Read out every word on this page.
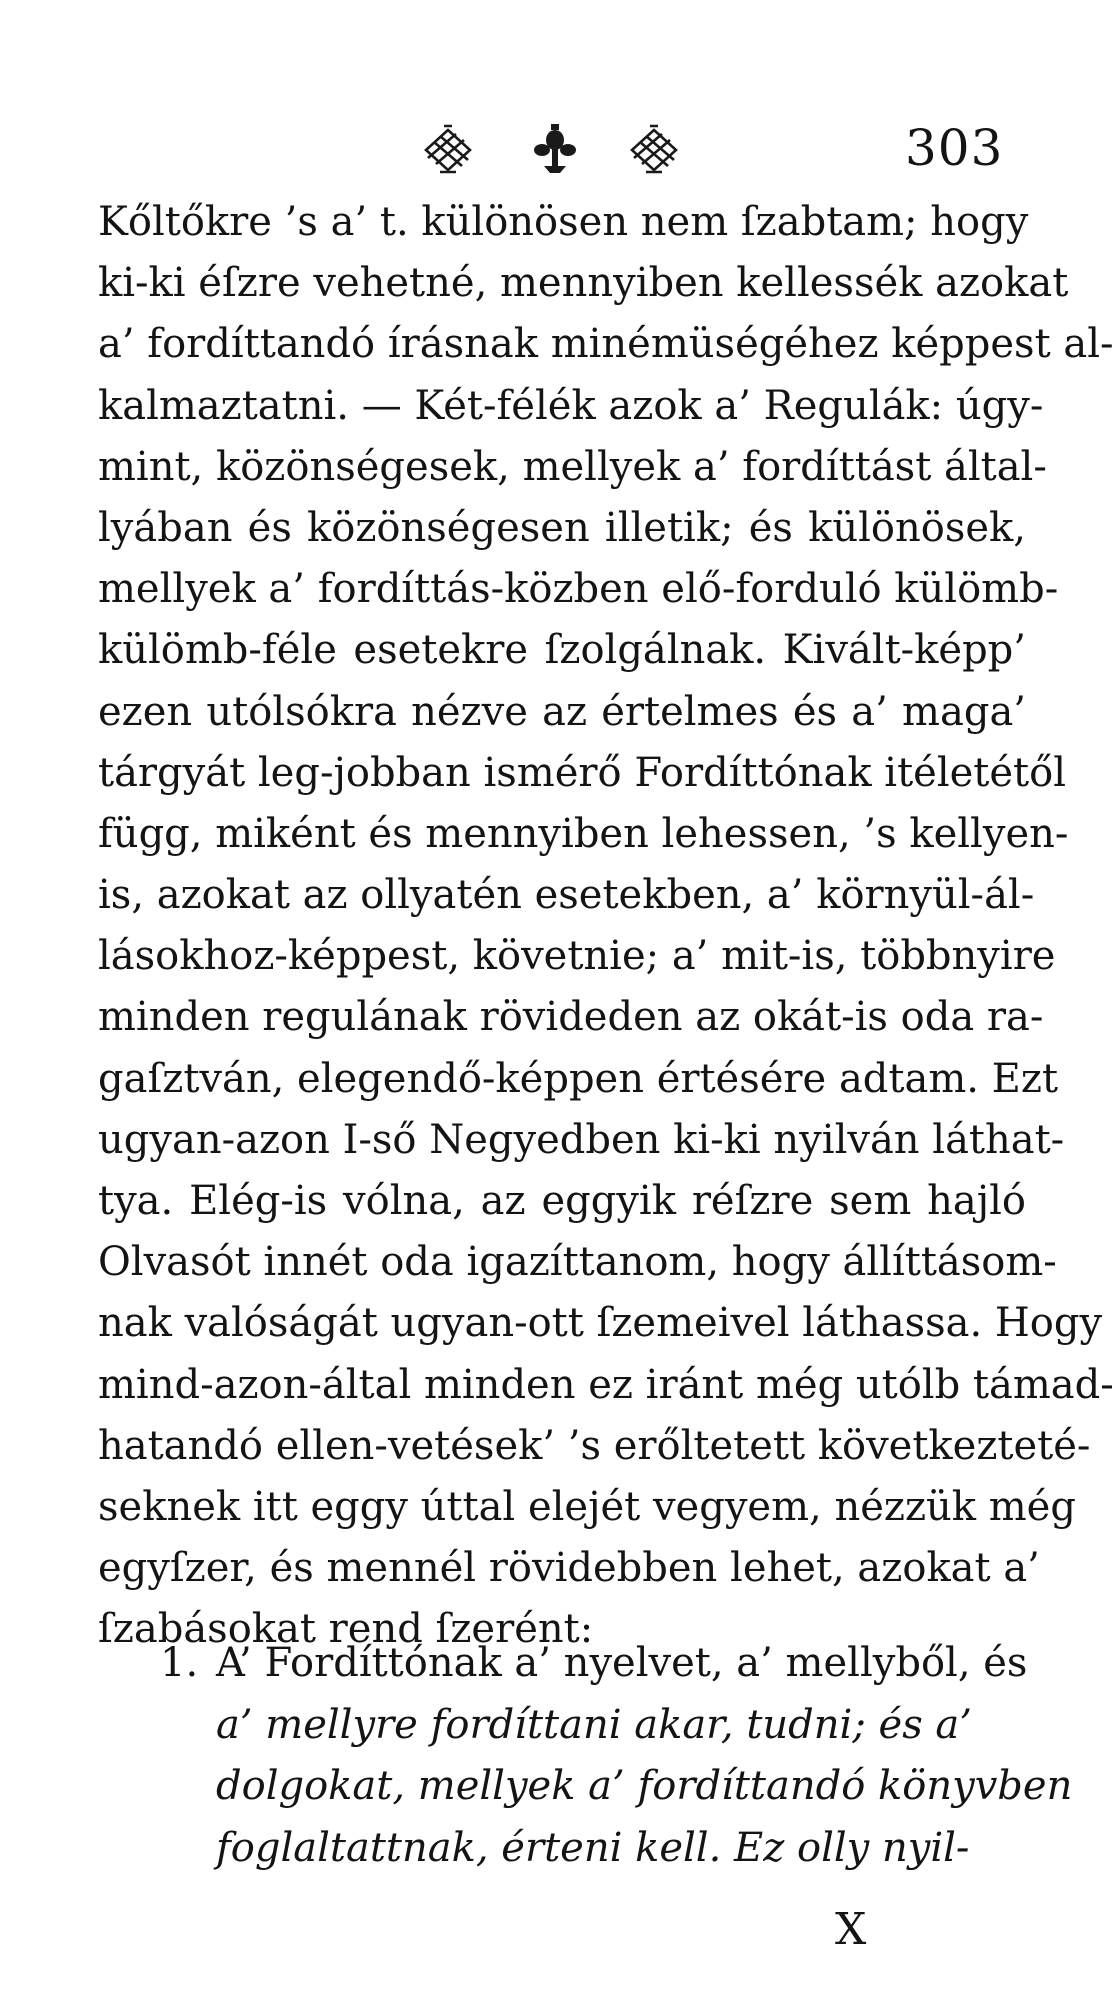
303
Kőltőkre ’s a’ t. különösen nem ſzabtam; hogy
ki-ki éſzre vehetné, mennyiben kellessék azokat
a’ fordíttandó írásnak minémüségéhez képpest al-
kalmaztatni. — Két-félék azok a’ Regulák: úgy-
mint, közönségesek, mellyek a’ fordíttást által-
lyában és közönségesen illetik; és különösek,
mellyek a’ fordíttás-közben elő-forduló külömb-
külömb-féle esetekre ſzolgálnak. Kivált-képp’
ezen utólsókra nézve az értelmes és a’ maga’
tárgyát leg-jobban ismérő Fordíttónak itéletétől
függ, miként és mennyiben lehessen, ’s kellyen-
is, azokat az ollyatén esetekben, a’ környül-ál-
lásokhoz-képpest, követnie; a’ mit-is, többnyire
minden regulának rövideden az okát-is oda ra-
gaſztván, elegendő-képpen értésére adtam. Ezt
ugyan-azon I-ső Negyedben ki-ki nyilván láthat-
tya. Elég-is vólna, az eggyik réſzre sem hajló
Olvasót innét oda igazíttanom, hogy állíttásom-
nak valóságát ugyan-ott ſzemeivel láthassa. Hogy
mind-azon-által minden ez iránt még utólb támad-
hatandó ellen-vetések’ ’s erőltetett következteté-
seknek itt eggy úttal elejét vegyem, nézzük még
egyſzer, és mennél rövidebben lehet, azokat a’
ſzabásokat rend ſzerént:
1. A’ Fordíttónak a’ nyelvet, a’ mellyből, és
a’ mellyre fordíttani akar, tudni; és a’
dolgokat, mellyek a’ fordíttandó könyvben
foglaltattnak, érteni kell. Ez olly nyil-
X
